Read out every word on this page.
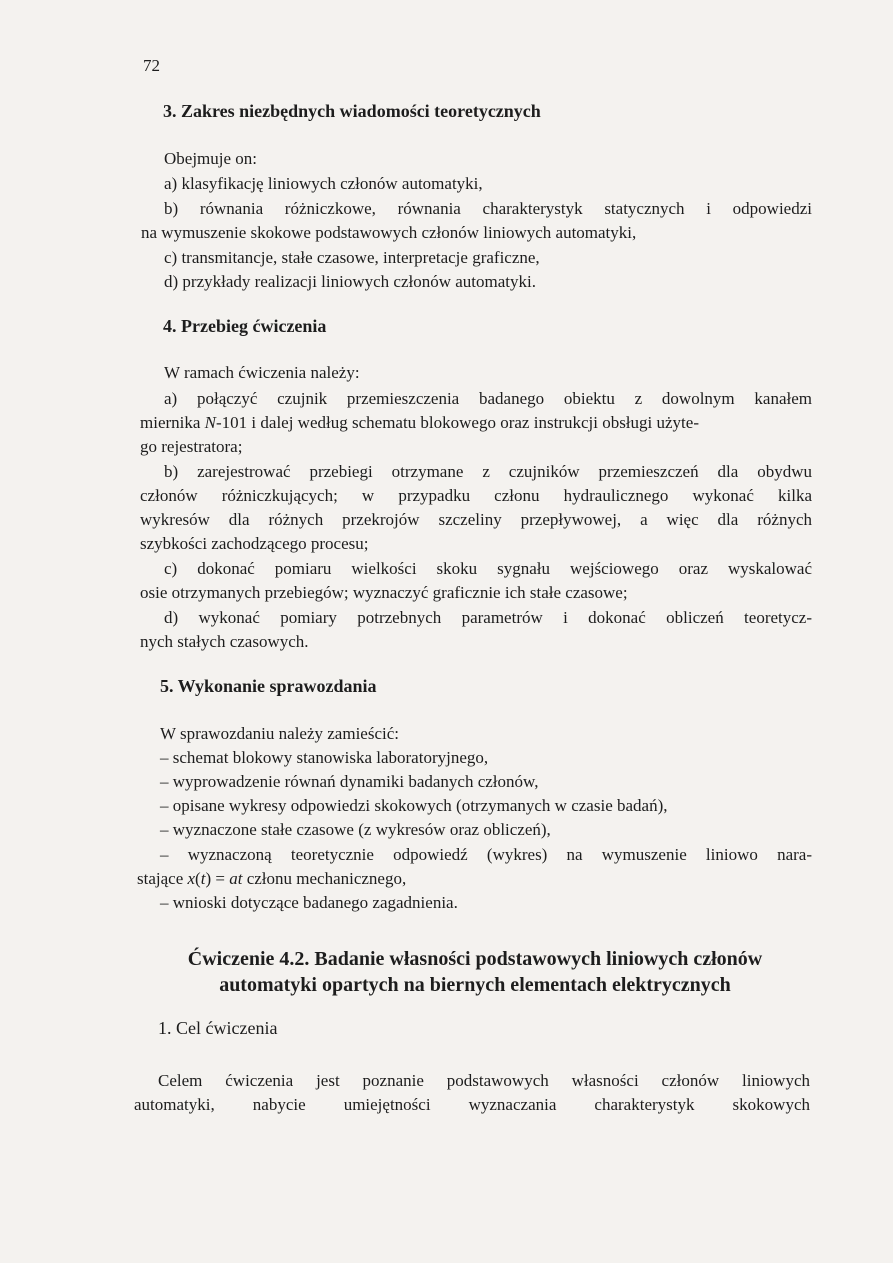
72
3. Zakres niezbędnych wiadomości teoretycznych
Obejmuje on:
a) klasyfikację liniowych członów automatyki,
b) równania różniczkowe, równania charakterystyk statycznych i odpowiedzi
na wymuszenie skokowe podstawowych członów liniowych automatyki,
c) transmitancje, stałe czasowe, interpretacje graficzne,
d) przykłady realizacji liniowych członów automatyki.
4. Przebieg ćwiczenia
W ramach ćwiczenia należy:
a) połączyć czujnik przemieszczenia badanego obiektu z dowolnym kanałem
miernika N-101 i dalej według schematu blokowego oraz instrukcji obsługi użyte-
go rejestratora;
b) zarejestrować przebiegi otrzymane z czujników przemieszczeń dla obydwu
członów różniczkujących; w przypadku członu hydraulicznego wykonać kilka
wykresów dla różnych przekrojów szczeliny przepływowej, a więc dla różnych
szybkości zachodzącego procesu;
c) dokonać pomiaru wielkości skoku sygnału wejściowego oraz wyskalować
osie otrzymanych przebiegów; wyznaczyć graficznie ich stałe czasowe;
d) wykonać pomiary potrzebnych parametrów i dokonać obliczeń teoretycz-
nych stałych czasowych.
5. Wykonanie sprawozdania
W sprawozdaniu należy zamieścić:
– schemat blokowy stanowiska laboratoryjnego,
– wyprowadzenie równań dynamiki badanych członów,
– opisane wykresy odpowiedzi skokowych (otrzymanych w czasie badań),
– wyznaczone stałe czasowe (z wykresów oraz obliczeń),
– wyznaczoną teoretycznie odpowiedź (wykres) na wymuszenie liniowo nara-
stające x(t) = at członu mechanicznego,
– wnioski dotyczące badanego zagadnienia.
Ćwiczenie 4.2. Badanie własności podstawowych liniowych członów
automatyki opartych na biernych elementach elektrycznych
1. Cel ćwiczenia
Celem ćwiczenia jest poznanie podstawowych własności członów liniowych
automatyki, nabycie umiejętności wyznaczania charakterystyk skokowych
